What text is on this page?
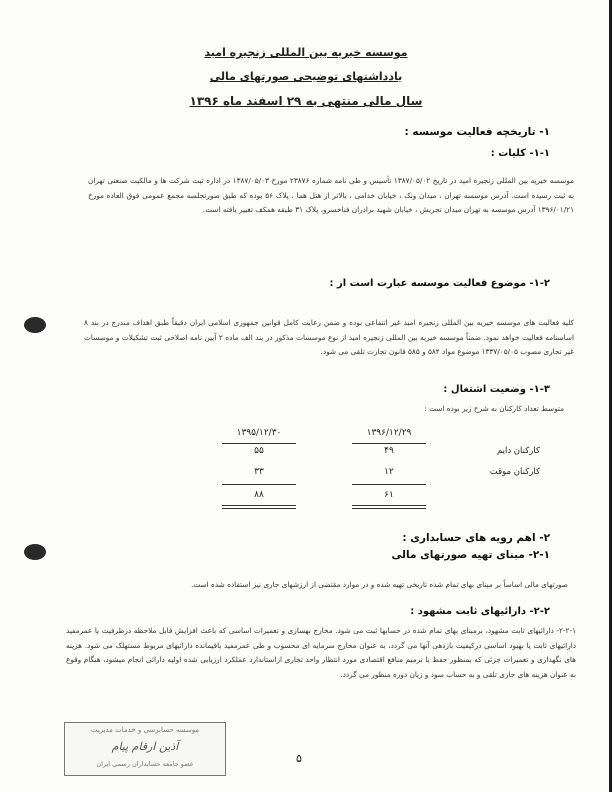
موسسه خیریه بین المللی زنجیره امید
یادداشتهای توضیحی صورتهای مالی
سال مالی منتهی به ۲۹ اسفند ماه ۱۳۹۶
۱- تاریخچه فعالیت موسسه :
۱-۱- کلیات :
موسسه خیریه بین المللی زنجیره امید در تاریخ ۱۳۸۷/۰۵/۰۲ تأسیس و طی نامه شماره ۲۳۸۷۶ مورخ ۱۳۸۷/۰۵/۰۳ در اداره ثبت شرکت ها و مالکیت صنعتی تهران به ثبت رسیده است. آدرس موسسه تهران ، میدان ونک ، خیابان خدامی ، بالاتر از هتل هما ، پلاک ۵۶ بوده که طبق صورتجلسه مجمع عمومی فوق العاده مورخ ۱۳۹۶/۰۱/۲۱ آدرس موسسه به تهران میدان تجریش ، خیابان شهید برادران فناخسرو، پلاک ۳۱ طبقه همکف تغییر یافته است.
۱-۲- موضوع فعالیت موسسه عبارت است از :
کلیه فعالیت های موسسه خیریه بین المللی زنجیره امید غیر انتفاعی بوده و ضمن رعایت کامل قوانین جمهوری اسلامی ایران دقیقاً طبق اهداف مندرج در بند ۸ اساسنامه فعالیت خواهد نمود. ضمناً موسسه خیریه بین المللی زنجیره امید از نوع موسسات مذکور در بند الف ماده ۲ آیین نامه اصلاحی ثبت تشکیلات و موسسات غیر تجاری مصوب ۱۳۳۷/۰۵/۰۵ موضوع مواد ۵۸۴ و ۵۸۵ قانون تجارت تلقی می شود.
۱-۳- وضعیت اشتغال :
متوسط تعداد کارکنان به شرح زیر بوده است :
۱۳۹۶/۱۲/۲۹
۱۳۹۵/۱۲/۳۰
کارکنان دایم
۴۹
۵۵
کارکنان موقت
۱۲
۳۳
۶۱
۸۸
۲- اهم رویه های حسابداری :
۲-۱- مبنای تهیه صورتهای مالی
صورتهای مالی اساساً بر مبنای بهای تمام شده تاریخی تهیه شده و در موارد مقتضی از ارزشهای جاری نیز استفاده شده است.
۲-۲- دارائیهای ثابت مشهود :
۲-۲-۱- دارائیهای ثابت مشهود، برمبنای بهای تمام شده در حسابها ثبت می شود. مخارج بهسازی و تعمیرات اساسی که باعث افزایش قابل ملاحظه درظرفیت یا عمرمفید دارائیهای ثابت یا بهبود اساسی درکیفیت بازدهی آنها می گردد، به عنوان مخارج سرمایه ای محسوب و طی عمرمفید باقیمانده دارائیهای مربوط مستهلک می شود. هزینه های نگهداری و تعمیرات جزئی که بمنظور حفظ یا ترمیم منافع اقتصادی مورد انتظار واحد تجاری ازاستاندارد عملکرد ارزیابی شده اولیه دارائی انجام میشود، هنگام وقوع به عنوان هزینه های جاری تلقی و به حساب سود و زیان دوره منظور می گردد.
موسسه حسابرسی و خدمات مدیریت
آذین ارقام پیام
عضو جامعه حسابداران رسمی ایران	۵
